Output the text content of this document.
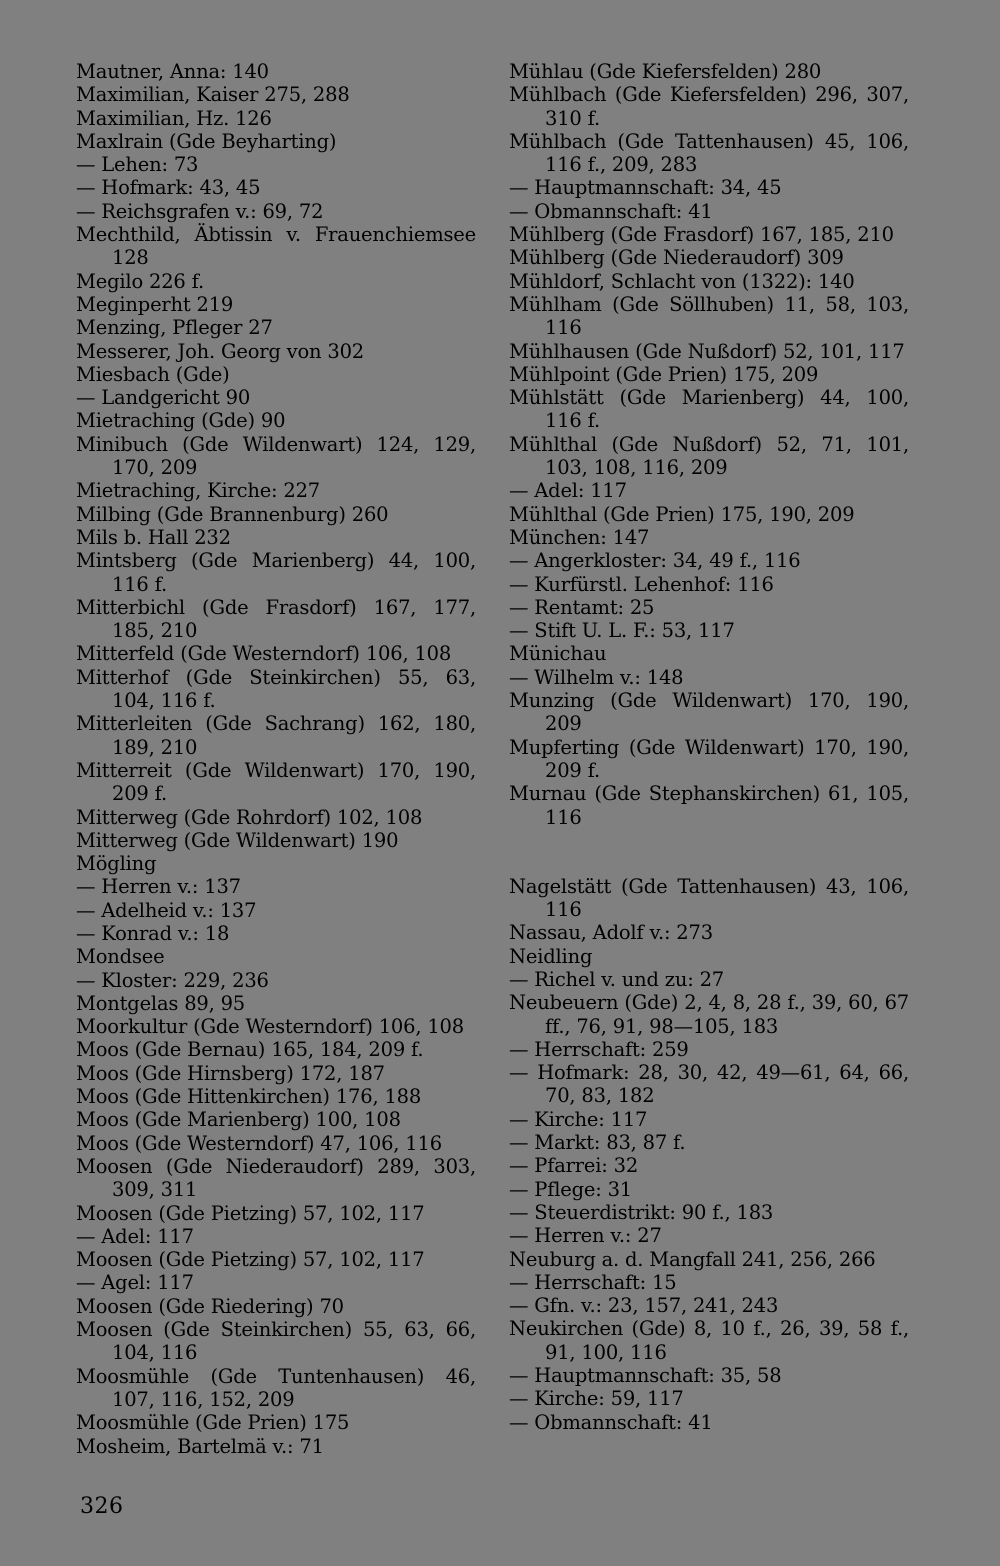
Mautner, Anna: 140
Maximilian, Kaiser 275, 288
Maximilian, Hz. 126
Maxlrain (Gde Beyharting)
— Lehen: 73
— Hofmark: 43, 45
— Reichsgrafen v.: 69, 72
Mechthild, Äbtissin v. Frauenchiemsee 128
Megilo 226 f.
Meginperht 219
Menzing, Pfleger 27
Messerer, Joh. Georg von 302
Miesbach (Gde)
— Landgericht 90
Mietraching (Gde) 90
Minibuch (Gde Wildenwart) 124, 129, 170, 209
Mietraching, Kirche: 227
Milbing (Gde Brannenburg) 260
Mils b. Hall 232
Mintsberg (Gde Marienberg) 44, 100, 116 f.
Mitterbichl (Gde Frasdorf) 167, 177, 185, 210
Mitterfeld (Gde Westerndorf) 106, 108
Mitterhof (Gde Steinkirchen) 55, 63, 104, 116 f.
Mitterleiten (Gde Sachrang) 162, 180, 189, 210
Mitterreit (Gde Wildenwart) 170, 190, 209 f.
Mitterweg (Gde Rohrdorf) 102, 108
Mitterweg (Gde Wildenwart) 190
Mögling
— Herren v.: 137
— Adelheid v.: 137
— Konrad v.: 18
Mondsee
— Kloster: 229, 236
Montgelas 89, 95
Moorkultur (Gde Westerndorf) 106, 108
Moos (Gde Bernau) 165, 184, 209 f.
Moos (Gde Hirnsberg) 172, 187
Moos (Gde Hittenkirchen) 176, 188
Moos (Gde Marienberg) 100, 108
Moos (Gde Westerndorf) 47, 106, 116
Moosen (Gde Niederaudorf) 289, 303, 309, 311
Moosen (Gde Pietzing) 57, 102, 117
— Adel: 117
Moosen (Gde Pietzing) 57, 102, 117
— Agel: 117
Moosen (Gde Riedering) 70
Moosen (Gde Steinkirchen) 55, 63, 66, 104, 116
Moosmühle (Gde Tuntenhausen) 46, 107, 116, 152, 209
Moosmühle (Gde Prien) 175
Mosheim, Bartelmä v.: 71
Mühlau (Gde Kiefersfelden) 280
Mühlbach (Gde Kiefersfelden) 296, 307, 310 f.
Mühlbach (Gde Tattenhausen) 45, 106, 116 f., 209, 283
— Hauptmannschaft: 34, 45
— Obmannschaft: 41
Mühlberg (Gde Frasdorf) 167, 185, 210
Mühlberg (Gde Niederaudorf) 309
Mühldorf, Schlacht von (1322): 140
Mühlham (Gde Söllhuben) 11, 58, 103, 116
Mühlhausen (Gde Nußdorf) 52, 101, 117
Mühlpoint (Gde Prien) 175, 209
Mühlstätt (Gde Marienberg) 44, 100, 116 f.
Mühlthal (Gde Nußdorf) 52, 71, 101, 103, 108, 116, 209
— Adel: 117
Mühlthal (Gde Prien) 175, 190, 209
München: 147
— Angerkloster: 34, 49 f., 116
— Kurfürstl. Lehenhof: 116
— Rentamt: 25
— Stift U. L. F.: 53, 117
Münichau
— Wilhelm v.: 148
Munzing (Gde Wildenwart) 170, 190, 209
Mupferting (Gde Wildenwart) 170, 190, 209 f.
Murnau (Gde Stephanskirchen) 61, 105, 116
Nagelstätt (Gde Tattenhausen) 43, 106, 116
Nassau, Adolf v.: 273
Neidling
— Richel v. und zu: 27
Neubeuern (Gde) 2, 4, 8, 28 f., 39, 60, 67 ff., 76, 91, 98—105, 183
— Herrschaft: 259
— Hofmark: 28, 30, 42, 49—61, 64, 66, 70, 83, 182
— Kirche: 117
— Markt: 83, 87 f.
— Pfarrei: 32
— Pflege: 31
— Steuerdistrikt: 90 f., 183
— Herren v.: 27
Neuburg a. d. Mangfall 241, 256, 266
— Herrschaft: 15
— Gfn. v.: 23, 157, 241, 243
Neukirchen (Gde) 8, 10 f., 26, 39, 58 f., 91, 100, 116
— Hauptmannschaft: 35, 58
— Kirche: 59, 117
— Obmannschaft: 41
326
